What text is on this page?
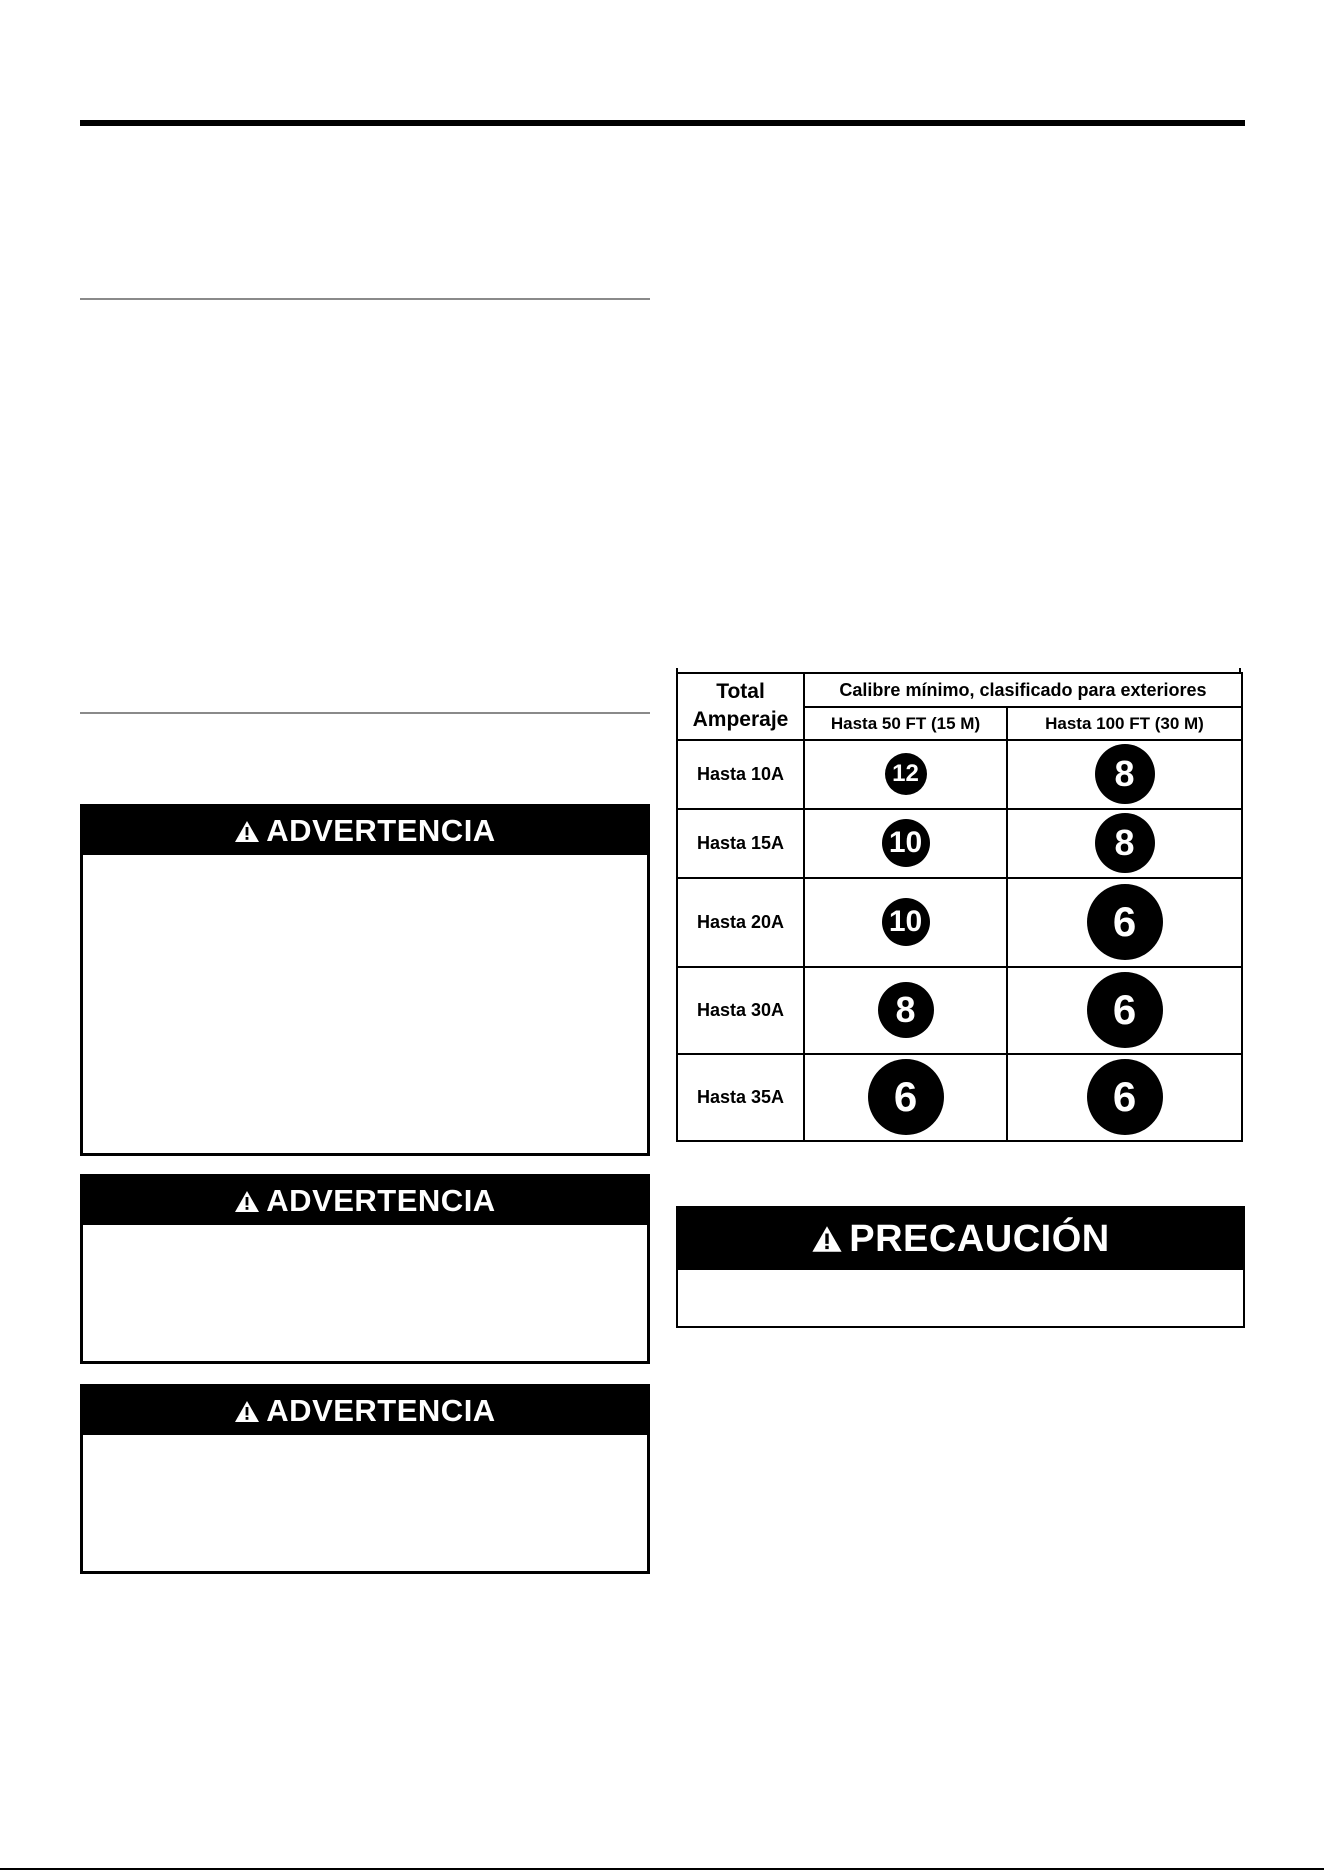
ADVERTENCIA
ADVERTENCIA
ADVERTENCIA
Total
Amperaje	Calibre mínimo, clasificado para exteriores	
	Hasta 50 FT (15 M)	Hasta 100 FT (30 M)
Hasta 10A	12	8
Hasta 15A	10	8
Hasta 20A	10	6
Hasta 30A	8	6
Hasta 35A	6	6
PRECAUCIÓN
